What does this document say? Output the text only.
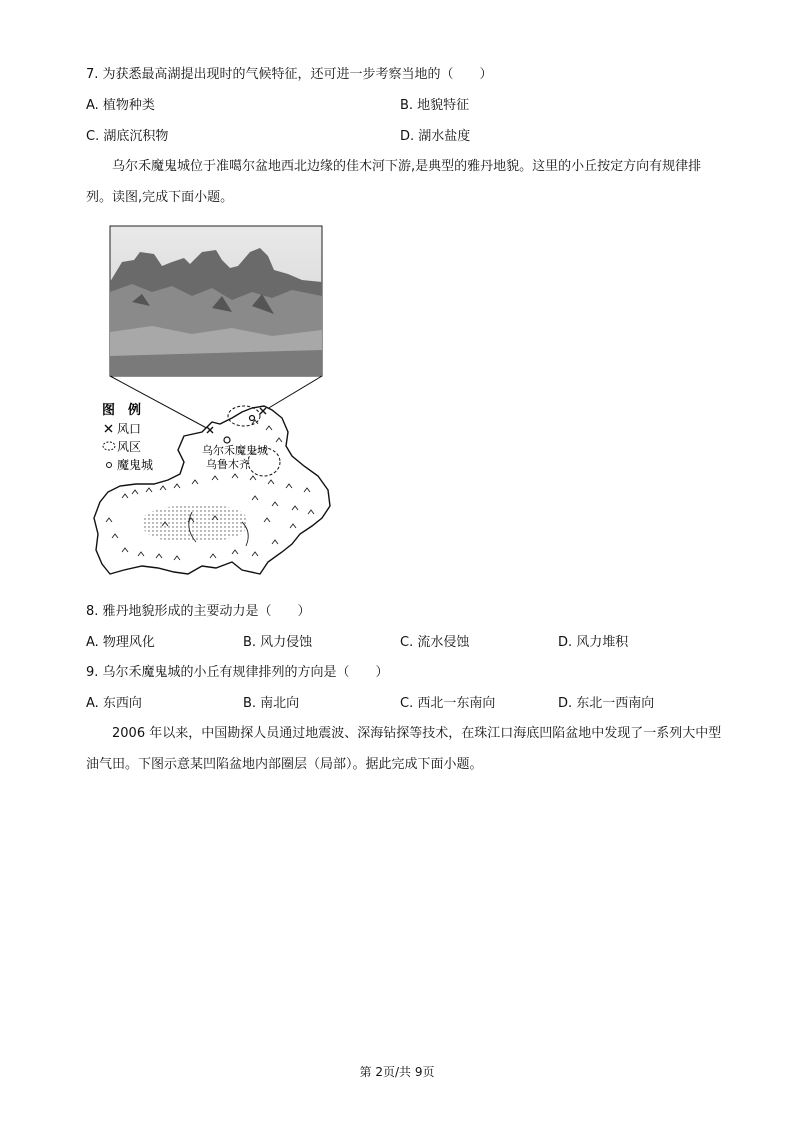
7. 为获悉最高湖提出现时的气候特征，还可进一步考察当地的（　　）
A. 植物种类	B. 地貌特征
C. 湖底沉积物	D. 湖水盐度
乌尔禾魔鬼城位于准噶尔盆地西北边缘的佳木河下游,是典型的雅丹地貌。这里的小丘按定方向有规律排列。读图,完成下面小题。
图　例
风口
风区
魔鬼城
乌尔禾魔鬼城
乌鲁木齐
8. 雅丹地貌形成的主要动力是（　　）
A. 物理风化	B. 风力侵蚀	C. 流水侵蚀	D. 风力堆积
9. 乌尔禾魔鬼城的小丘有规律排列的方向是（　　）
A. 东西向	B. 南北向	C. 西北一东南向	D. 东北一西南向
2006 年以来，中国勘探人员通过地震波、深海钻探等技术，在珠江口海底凹陷盆地中发现了一系列大中型油气田。下图示意某凹陷盆地内部圈层（局部）。据此完成下面小题。
第 2页/共 9页
